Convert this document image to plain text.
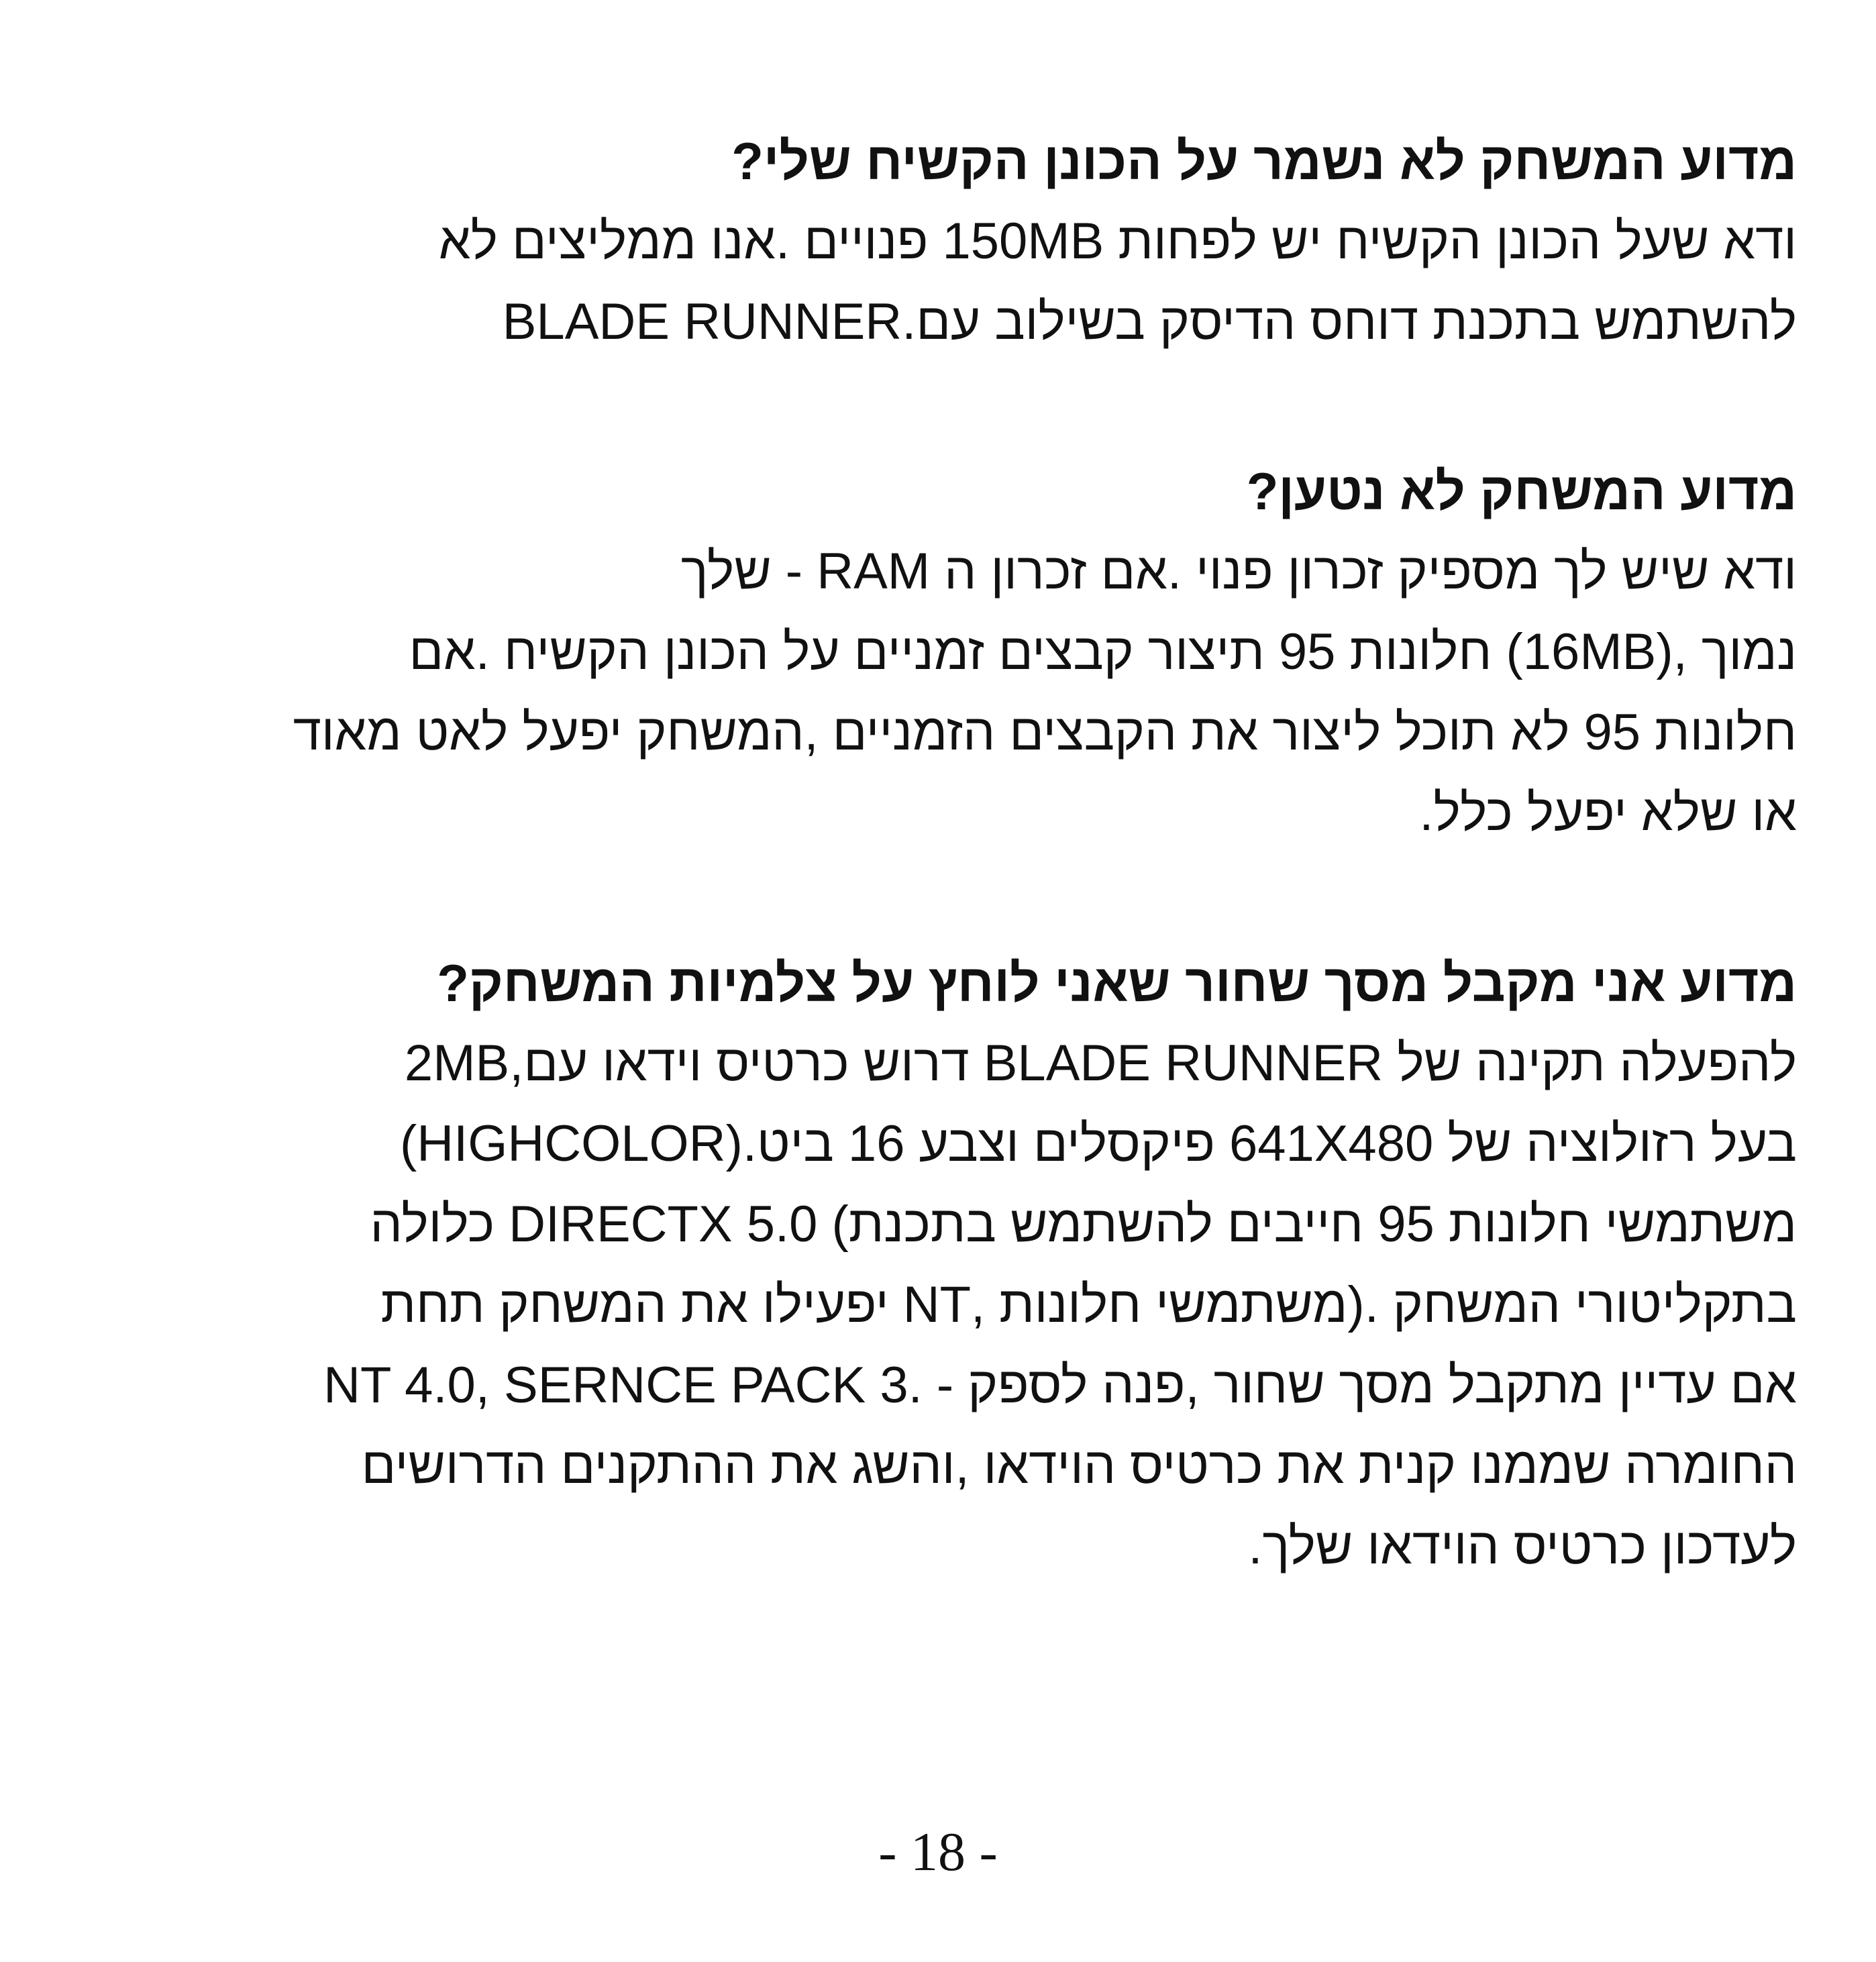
מדוע המשחק לא נשמר על הכונן הקשיח שלי?
ודא שעל הכונן הקשיח יש לפחות 150MB פנויים .אנו ממליצים לא
להשתמש בתכנת דוחס הדיסק בשילוב עם.BLADE RUNNER
מדוע המשחק לא נטען?
ודא שיש לך מספיק זכרון פנוי .אם זכרון ה RAM - שלך
נמוך ,(16MB) חלונות 95 תיצור קבצים זמניים על הכונן הקשיח .אם
חלונות 95 לא תוכל ליצור את הקבצים הזמניים ,המשחק יפעל לאט מאוד
או שלא יפעל כלל.
מדוע אני מקבל מסך שחור שאני לוחץ על צלמיות המשחק?
להפעלה תקינה של BLADE RUNNER דרוש כרטיס וידאו עם,2MB
בעל רזולוציה של 641X480 פיקסלים וצבע 16 ביט.(HIGHCOLOR)
משתמשי חלונות 95 חייבים להשתמש בתכנת) DIRECTX 5.0 כלולה
בתקליטורי המשחק .(משתמשי חלונות ,NT יפעילו את המשחק תחת
NT 4.0, SERNCE PACK 3. - אם עדיין מתקבל מסך שחור ,פנה לספק
החומרה שממנו קנית את כרטיס הוידאו ,והשג את ההתקנים הדרושים
לעדכון כרטיס הוידאו שלך.
- 18 -
